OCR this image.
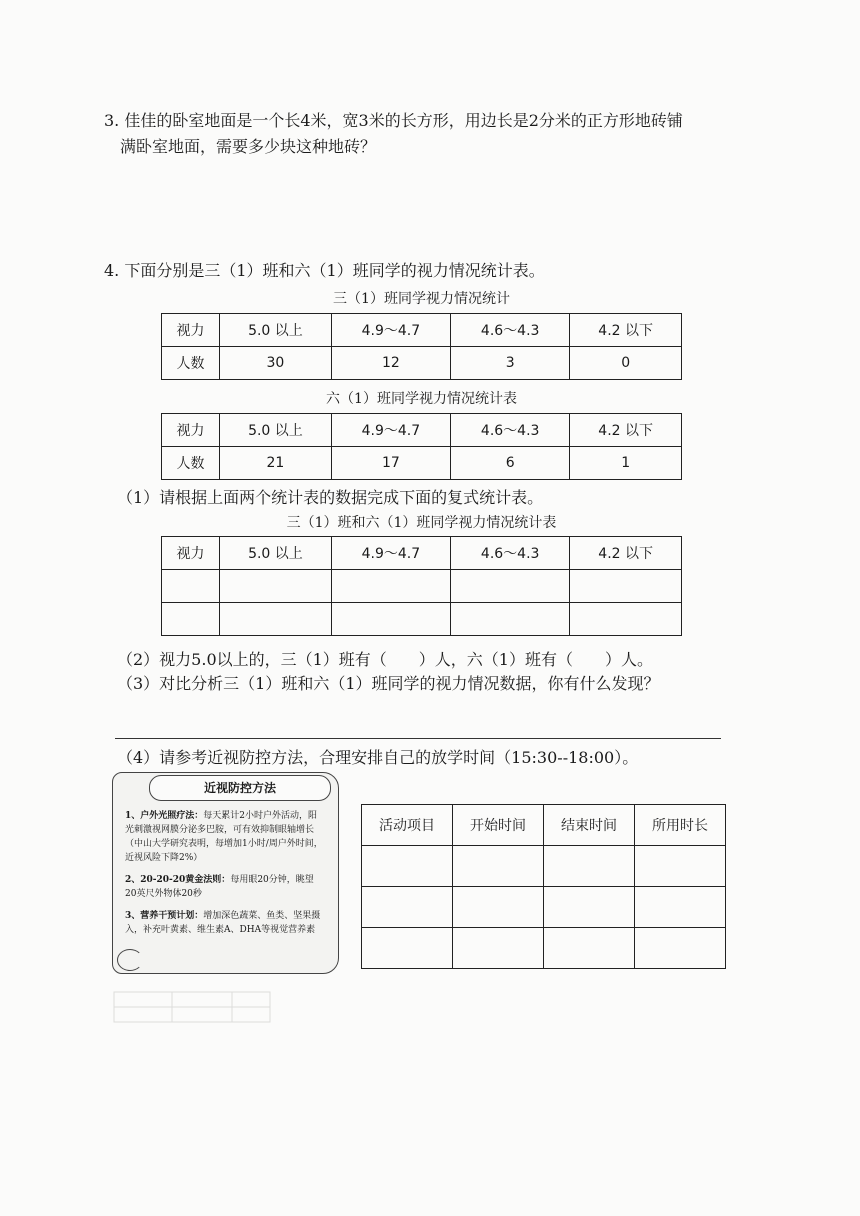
3. 佳佳的卧室地面是一个长4米，宽3米的长方形，用边长是2分米的正方形地砖铺
满卧室地面，需要多少块这种地砖？
4. 下面分别是三（1）班和六（1）班同学的视力情况统计表。
三（1）班同学视力情况统计
视力	5.0 以上	4.9～4.7	4.6～4.3	4.2 以下
人数	30	12	3	0
六（1）班同学视力情况统计表
视力	5.0 以上	4.9～4.7	4.6～4.3	4.2 以下
人数	21	17	6	1
（1）请根据上面两个统计表的数据完成下面的复式统计表。
三（1）班和六（1）班同学视力情况统计表
视力	5.0 以上	4.9～4.7	4.6～4.3	4.2 以下

（2）视力5.0以上的，三（1）班有（　　）人，六（1）班有（　　）人。
（3）对比分析三（1）班和六（1）班同学的视力情况数据，你有什么发现？
（4）请参考近视防控方法，合理安排自己的放学时间（15:30--18:00）。
近视防控方法

1、户外光照疗法：每天累计2小时户外活动，阳光刺激视网膜分泌多巴胺，可有效抑制眼轴增长（中山大学研究表明，每增加1小时/周户外时间，近视风险下降2%）

2、20-20-20黄金法则：每用眼20分钟，眺望20英尺外物体20秒

3、营养干预计划：增加深色蔬菜、鱼类、坚果摄入，补充叶黄素、维生素A、DHA等视觉营养素

活动项目	开始时间	结束时间	所用时长
